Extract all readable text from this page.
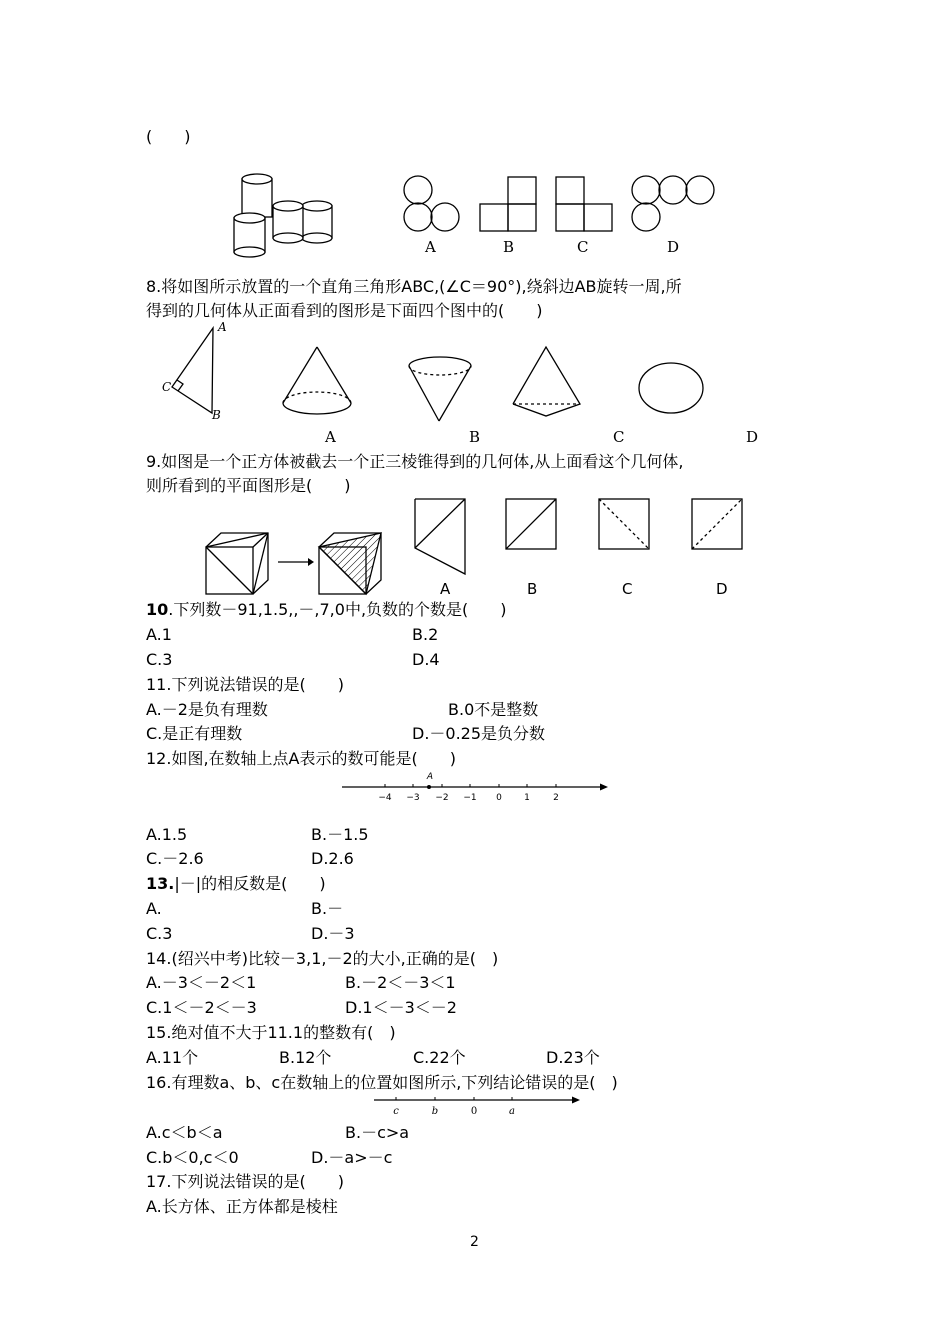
(　　)
A	B	C	D
8.将如图所示放置的一个直角三角形ABC,(∠C＝90°),绕斜边AB旋转一周,所
得到的几何体从正面看到的图形是下面四个图中的(　　)
A
C
B
A	B	C	D
9.如图是一个正方体被截去一个正三棱锥得到的几何体,从上面看这个几何体,
则所看到的平面图形是(　　)
A	B	C	D
10.下列数－91,1.5,,－,7,0中,负数的个数是(　　)
A.1	B.2
C.3	D.4
11.下列说法错误的是(　　)
A.－2是负有理数	B.0不是整数
C.是正有理数	D.－0.25是负分数
12.如图,在数轴上点A表示的数可能是(　　)
−4 −3 −2 −1 0 1	2
A
A.1.5	B.－1.5
C.－2.6	D.2.6
13.|－|的相反数是(　　)
A.	B.－
C.3	D.－3
14.(绍兴中考)比较－3,1,－2的大小,正确的是(　)
A.－3＜－2＜1	B.－2＜－3＜1
C.1＜－2＜－3	D.1＜－3＜－2
15.绝对值不大于11.1的整数有(　)
A.11个	B.12个	C.22个	D.23个
16.有理数a、b、c在数轴上的位置如图所示,下列结论错误的是(　)
c	b	0	a
A.c＜b＜a	B.－c>a
C.b＜0,c＜0	D.－a>－c
17.下列说法错误的是(　　)
A.长方体、正方体都是棱柱
2
